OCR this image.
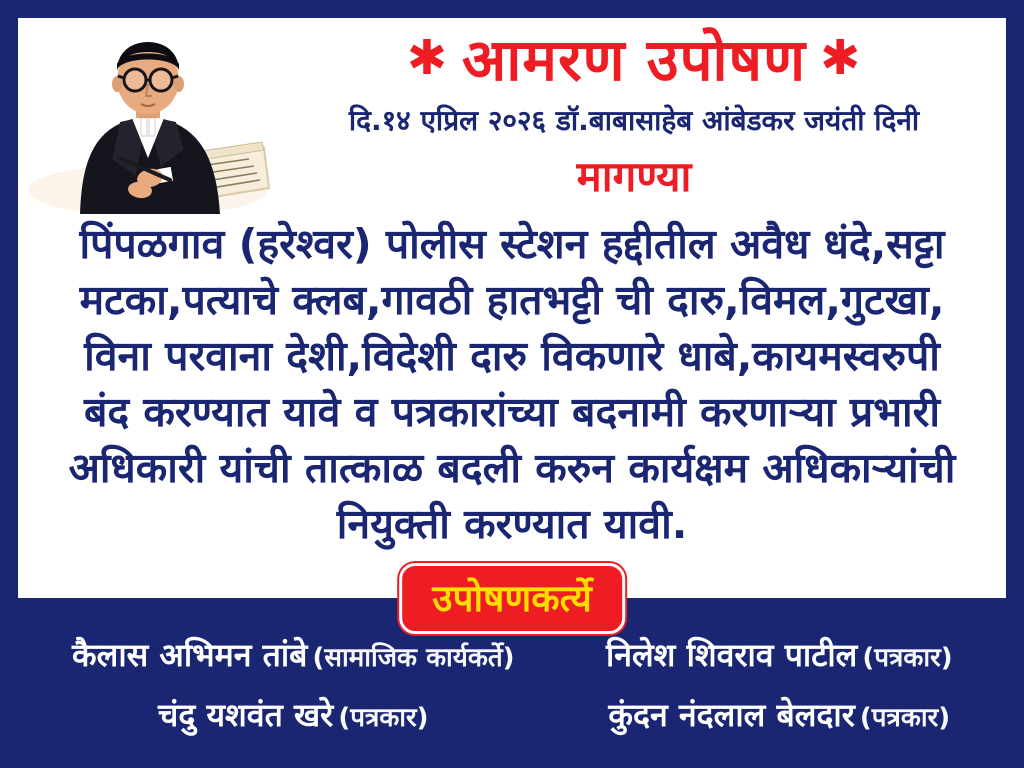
✱ आमरण उपोषण ✱
दि.१४ एप्रिल २०२६ डॉ.बाबासाहेब आंबेडकर जयंती दिनी
मागण्या
पिंपळगाव (हरेश्वर) पोलीस स्टेशन हद्दीतील अवैध धंदे,सट्टा
मटका,पत्याचे क्लब,गावठी हातभट्टी ची दारु,विमल,गुटखा,
विना परवाना देशी,विदेशी दारु विकणारे धाबे,कायमस्वरुपी
बंद करण्यात यावे व पत्रकारांच्या बदनामी करणाऱ्या प्रभारी
अधिकारी यांची तात्काळ बदली करुन कार्यक्षम अधिकाऱ्यांची
नियुक्ती करण्यात यावी.
उपोषणकर्त्ये
कैलास अभिमन तांबे (सामाजिक कार्यकर्ते)	निलेश शिवराव पाटील (पत्रकार)
चंदु यशवंत खरे (पत्रकार)	कुंदन नंदलाल बेलदार (पत्रकार)
